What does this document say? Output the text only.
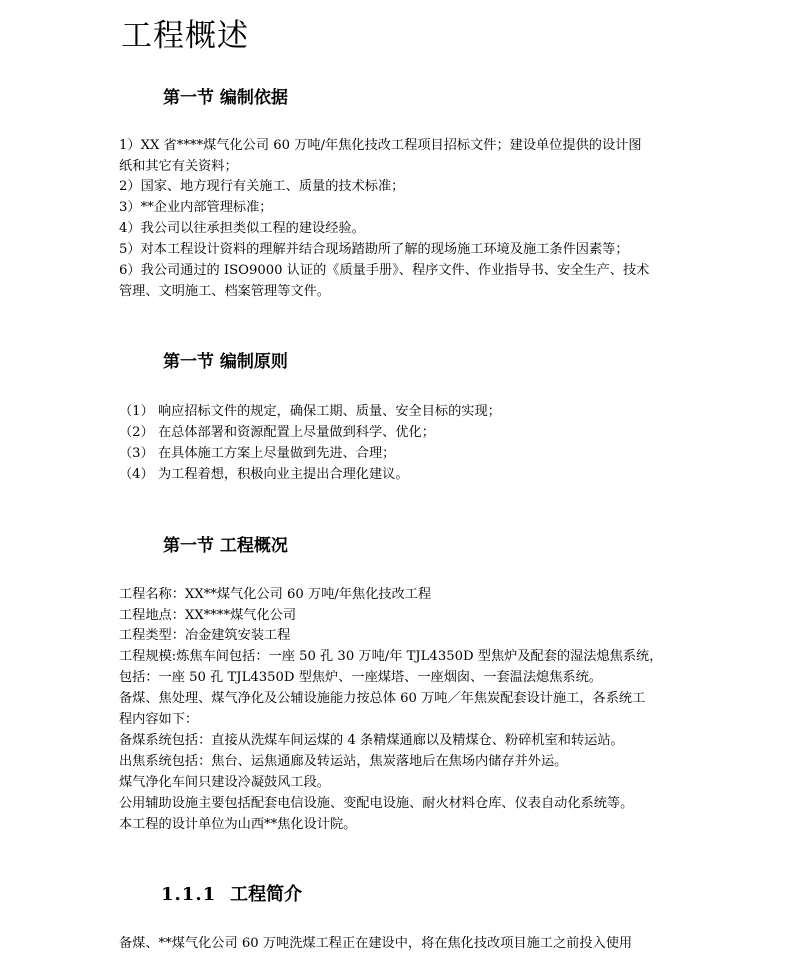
工程概述
第一节 编制依据
1）XX 省****煤气化公司 60 万吨/年焦化技改工程项目招标文件；建设单位提供的设计图
纸和其它有关资料；
2）国家、地方现行有关施工、质量的技术标准；
3）**企业内部管理标准；
4）我公司以往承担类似工程的建设经验。
5）对本工程设计资料的理解并结合现场踏勘所了解的现场施工环境及施工条件因素等；
6）我公司通过的 ISO9000 认证的《质量手册》、程序文件、作业指导书、安全生产、技术
管理、文明施工、档案管理等文件。
第一节 编制原则
（1） 响应招标文件的规定，确保工期、质量、安全目标的实现；
（2） 在总体部署和资源配置上尽量做到科学、优化；
（3） 在具体施工方案上尽量做到先进、合理；
（4） 为工程着想，积极向业主提出合理化建议。
第一节 工程概况
工程名称：XX**煤气化公司 60 万吨/年焦化技改工程
工程地点：XX****煤气化公司
工程类型：冶金建筑安装工程
工程规模:炼焦车间包括：一座 50 孔 30 万吨/年 TJL4350D 型焦炉及配套的湿法熄焦系统，
包括：一座 50 孔 TJL4350D 型焦炉、一座煤塔、一座烟囱、一套温法熄焦系统。
备煤、焦处理、煤气净化及公辅设施能力按总体 60 万吨／年焦炭配套设计施工，各系统工
程内容如下：
备煤系统包括：直接从洗煤车间运煤的 4 条精煤通廊以及精煤仓、粉碎机室和转运站。
出焦系统包括：焦台、运焦通廊及转运站，焦炭落地后在焦场内储存并外运。
煤气净化车间只建设冷凝鼓风工段。
公用辅助设施主要包括配套电信设施、变配电设施、耐火材料仓库、仪表自动化系统等。
本工程的设计单位为山西**焦化设计院。
1.1.1 工程简介
备煤、**煤气化公司 60 万吨洗煤工程正在建设中，将在焦化技改项目施工之前投入使用
